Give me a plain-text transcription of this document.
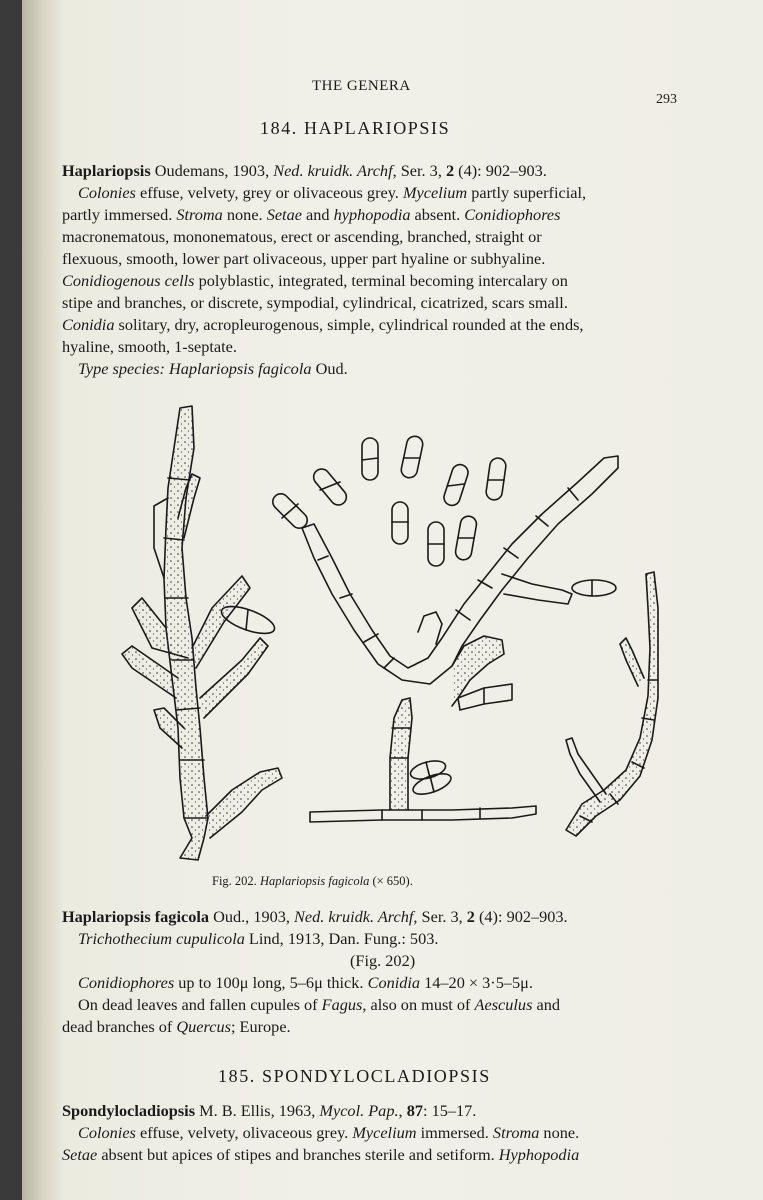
THE GENERA
293
184. HAPLARIOPSIS
Haplariopsis Oudemans, 1903, Ned. kruidk. Archf, Ser. 3, 2 (4): 902–903.
Colonies effuse, velvety, grey or olivaceous grey. Mycelium partly superficial,
partly immersed. Stroma none. Setae and hyphopodia absent. Conidiophores
macronematous, mononematous, erect or ascending, branched, straight or
flexuous, smooth, lower part olivaceous, upper part hyaline or subhyaline.
Conidiogenous cells polyblastic, integrated, terminal becoming intercalary on
stipe and branches, or discrete, sympodial, cylindrical, cicatrized, scars small.
Conidia solitary, dry, acropleurogenous, simple, cylindrical rounded at the ends,
hyaline, smooth, 1-septate.
Type species: Haplariopsis fagicola Oud.
Fig. 202. Haplariopsis fagicola (× 650).
Haplariopsis fagicola Oud., 1903, Ned. kruidk. Archf, Ser. 3, 2 (4): 902–903.
Trichothecium cupulicola Lind, 1913, Dan. Fung.: 503.
(Fig. 202)
Conidiophores up to 100μ long, 5–6μ thick. Conidia 14–20 × 3·5–5μ.
On dead leaves and fallen cupules of Fagus, also on must of Aesculus and
dead branches of Quercus; Europe.
185. SPONDYLOCLADIOPSIS
Spondylocladiopsis M. B. Ellis, 1963, Mycol. Pap., 87: 15–17.
Colonies effuse, velvety, olivaceous grey. Mycelium immersed. Stroma none.
Setae absent but apices of stipes and branches sterile and setiform. Hyphopodia
